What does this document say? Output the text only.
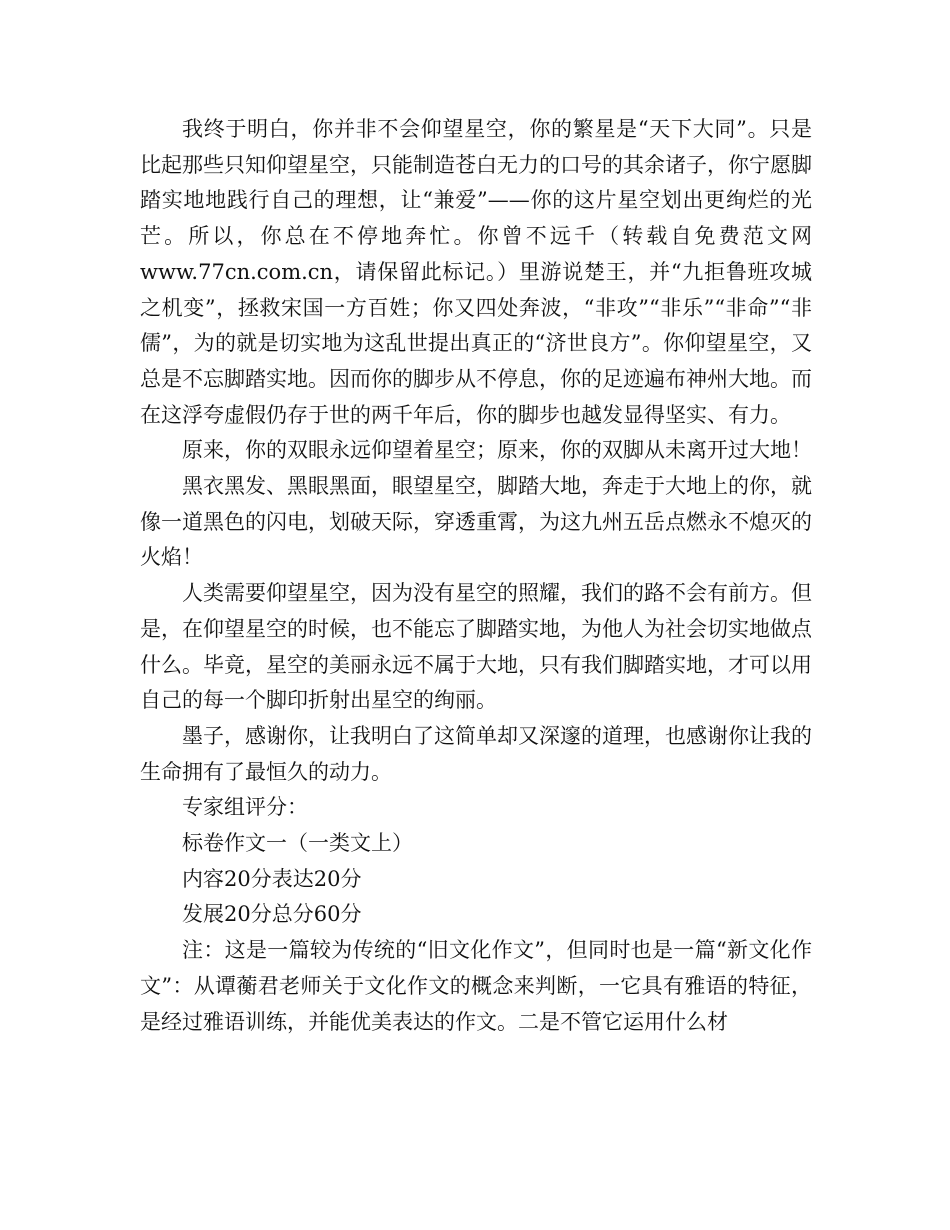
我终于明白，你并非不会仰望星空，你的繁星是“天下大同”。只是比起那些只知仰望星空，只能制造苍白无力的口号的其余诸子，你宁愿脚踏实地地践行自己的理想，让“兼爱”——你的这片星空划出更绚烂的光芒。所以，你总在不停地奔忙。你曾不远千（转载自免费范文网www.77cn.com.cn，请保留此标记。）里游说楚王，并“九拒鲁班攻城之机变”，拯救宋国一方百姓；你又四处奔波，“非攻”“非乐”“非命”“非儒”，为的就是切实地为这乱世提出真正的“济世良方”。你仰望星空，又总是不忘脚踏实地。因而你的脚步从不停息，你的足迹遍布神州大地。而在这浮夸虚假仍存于世的两千年后，你的脚步也越发显得坚实、有力。

原来，你的双眼永远仰望着星空；原来，你的双脚从未离开过大地！

黑衣黑发、黑眼黑面，眼望星空，脚踏大地，奔走于大地上的你，就像一道黑色的闪电，划破天际，穿透重霄，为这九州五岳点燃永不熄灭的火焰！

人类需要仰望星空，因为没有星空的照耀，我们的路不会有前方。但是，在仰望星空的时候，也不能忘了脚踏实地，为他人为社会切实地做点什么。毕竟，星空的美丽永远不属于大地，只有我们脚踏实地，才可以用自己的每一个脚印折射出星空的绚丽。

墨子，感谢你，让我明白了这简单却又深邃的道理，也感谢你让我的生命拥有了最恒久的动力。

专家组评分：

标卷作文一（一类文上）

内容20分表达20分

发展20分总分60分

注：这是一篇较为传统的“旧文化作文”，但同时也是一篇“新文化作文”：从谭蘅君老师关于文化作文的概念来判断，一它具有雅语的特征，是经过雅语训练，并能优美表达的作文。二是不管它运用什么材
